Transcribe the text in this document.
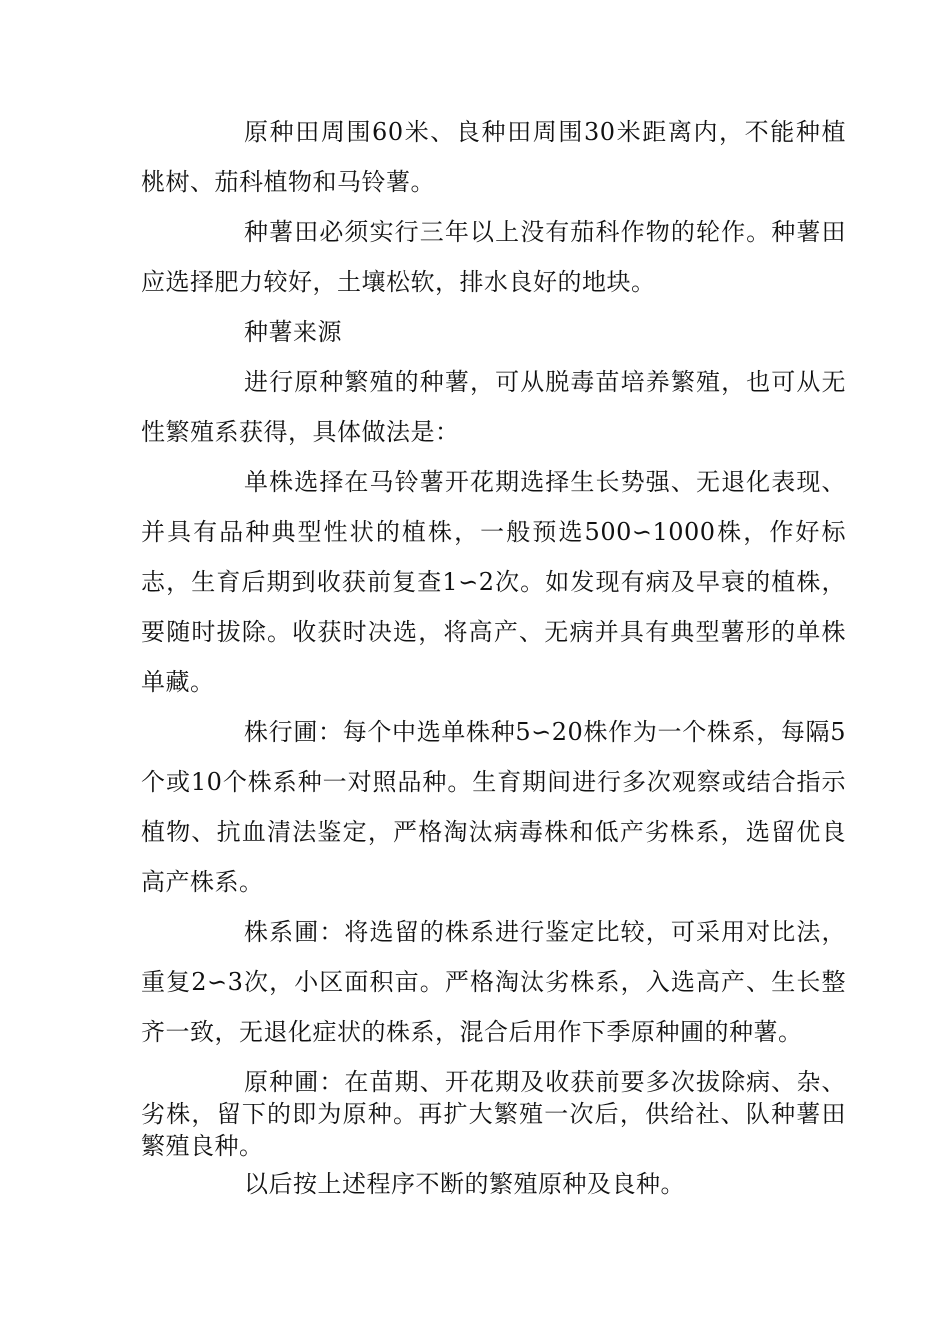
原种田周围60米、良种田周围30米距离内，不能种植桃树、茄科植物和马铃薯。

种薯田必须实行三年以上没有茄科作物的轮作。种薯田应选择肥力较好，土壤松软，排水良好的地块。

种薯来源

进行原种繁殖的种薯，可从脱毒苗培养繁殖，也可从无性繁殖系获得，具体做法是：

单株选择在马铃薯开花期选择生长势强、无退化表现、并具有品种典型性状的植株，一般预选500∽1000株，作好标志，生育后期到收获前复查1∽2次。如发现有病及早衰的植株，要随时拔除。收获时决选，将高产、无病并具有典型薯形的单株单藏。

株行圃：每个中选单株种5∽20株作为一个株系，每隔5个或10个株系种一对照品种。生育期间进行多次观察或结合指示植物、抗血清法鉴定，严格淘汰病毒株和低产劣株系，选留优良高产株系。

株系圃：将选留的株系进行鉴定比较，可采用对比法，重复2∽3次，小区面积亩。严格淘汰劣株系，入选高产、生长整齐一致，无退化症状的株系，混合后用作下季原种圃的种薯。

原种圃：在苗期、开花期及收获前要多次拔除病、杂、劣株，留下的即为原种。再扩大繁殖一次后，供给社、队种薯田繁殖良种。

以后按上述程序不断的繁殖原种及良种。
